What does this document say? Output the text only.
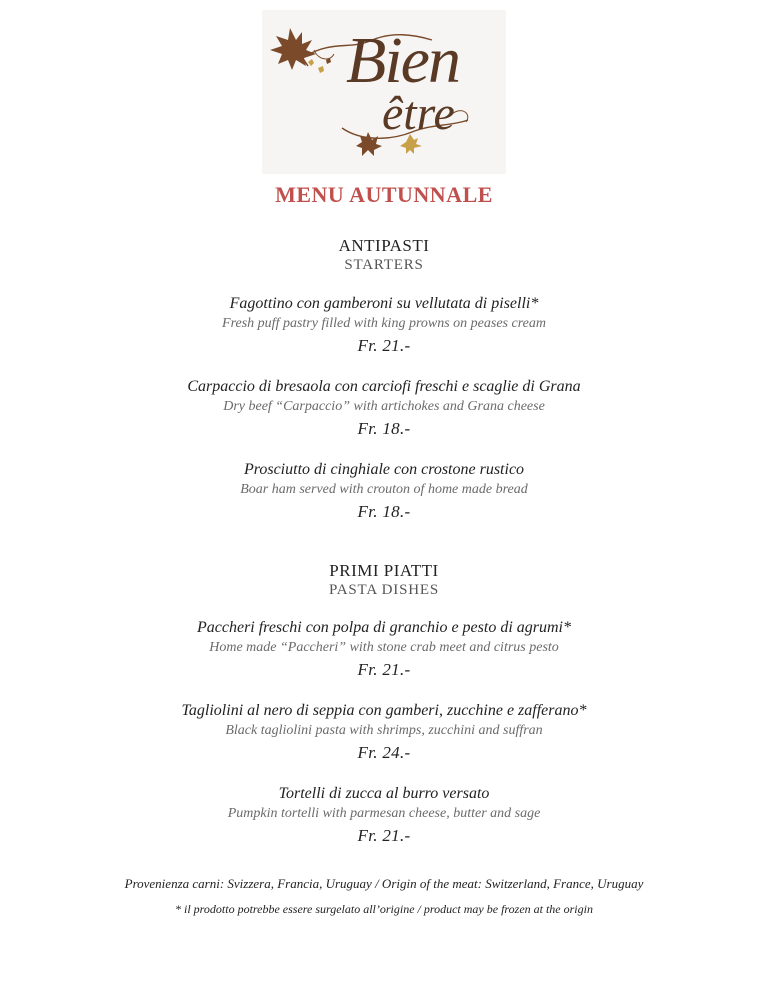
Bien
être
MENU AUTUNNALE
ANTIPASTI
STARTERS
Fagottino con gamberoni su vellutata di piselli*
Fresh puff pastry filled with king prowns on peases cream
Fr. 21.-
Carpaccio di bresaola con carciofi freschi e scaglie di Grana
Dry beef “Carpaccio” with artichokes and Grana cheese
Fr. 18.-
Prosciutto di cinghiale con crostone rustico
Boar ham served with crouton of home made bread
Fr. 18.-
PRIMI PIATTI
PASTA DISHES
Paccheri freschi con polpa di granchio e pesto di agrumi*
Home made “Paccheri” with stone crab meet and citrus pesto
Fr. 21.-
Tagliolini al nero di seppia con gamberi, zucchine e zafferano*
Black tagliolini pasta with shrimps, zucchini and suffran
Fr. 24.-
Tortelli di zucca al burro versato
Pumpkin tortelli with parmesan cheese, butter and sage
Fr. 21.-
Provenienza carni: Svizzera, Francia, Uruguay / Origin of the meat: Switzerland, France, Uruguay
* il prodotto potrebbe essere surgelato all’origine / product may be frozen at the origin
